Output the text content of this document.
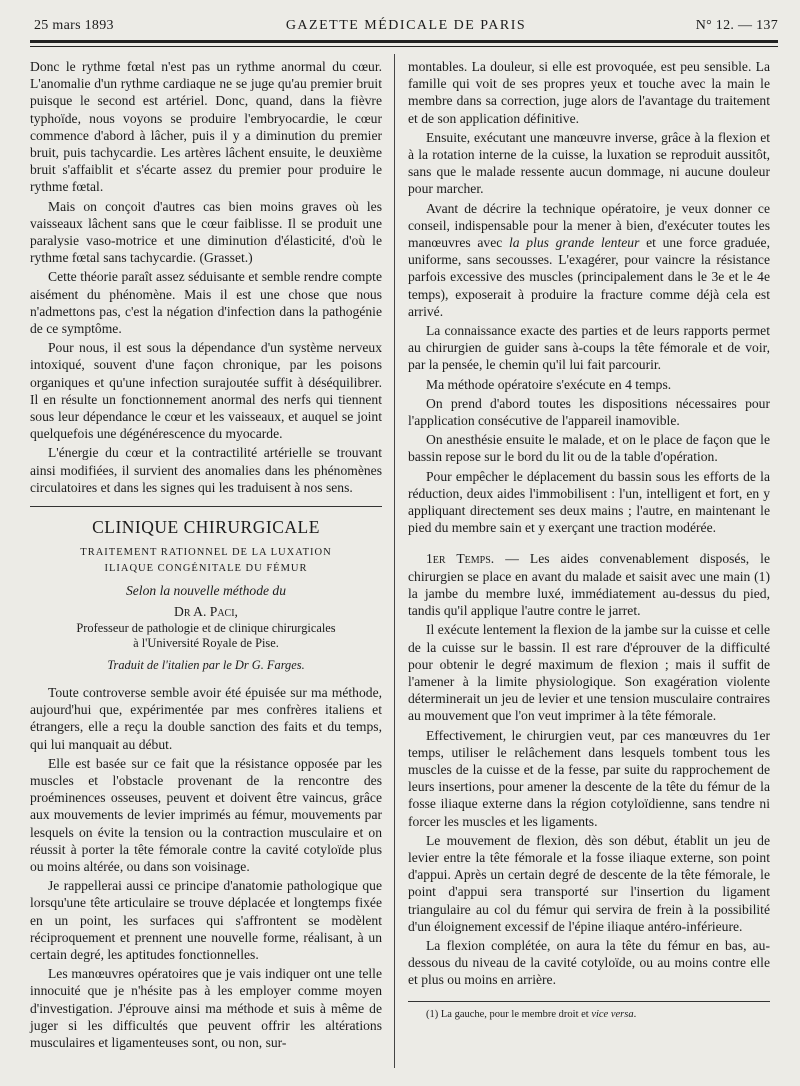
25 mars 1893	GAZETTE MÉDICALE DE PARIS	N° 12. — 137

Donc le rythme fœtal n'est pas un rythme anormal du cœur. L'anomalie d'un rythme cardiaque ne se juge qu'au premier bruit puisque le second est artériel. Donc, quand, dans la fièvre typhoïde, nous voyons se produire l'embryocardie, le cœur commence d'abord à lâcher, puis il y a diminution du premier bruit, puis tachycardie. Les artères lâchent ensuite, le deuxième bruit s'affaiblit et s'écarte assez du premier pour produire le rythme fœtal.

Mais on conçoit d'autres cas bien moins graves où les vaisseaux lâchent sans que le cœur faiblisse. Il se produit une paralysie vaso-motrice et une diminution d'élasticité, d'où le rythme fœtal sans tachycardie. (Grasset.)

Cette théorie paraît assez séduisante et semble rendre compte aisément du phénomène. Mais il est une chose que nous n'admettons pas, c'est la négation d'infection dans la pathogénie de ce symptôme.

Pour nous, il est sous la dépendance d'un système nerveux intoxiqué, souvent d'une façon chronique, par les poisons organiques et qu'une infection surajoutée suffit à déséquilibrer. Il en résulte un fonctionnement anormal des nerfs qui tiennent sous leur dépendance le cœur et les vaisseaux, et auquel se joint quelquefois une dégénérescence du myocarde.

L'énergie du cœur et la contractilité artérielle se trouvant ainsi modifiées, il survient des anomalies dans les phénomènes circulatoires et dans les signes qui les traduisent à nos sens.

CLINIQUE CHIRURGICALE
TRAITEMENT RATIONNEL DE LA LUXATION
ILIAQUE CONGÉNITALE DU FÉMUR
Selon la nouvelle méthode du
Dr A. Paci,
Professeur de pathologie et de clinique chirurgicales
à l'Université Royale de Pise.
Traduit de l'italien par le Dr G. Farges.

Toute controverse semble avoir été épuisée sur ma méthode, aujourd'hui que, expérimentée par mes confrères italiens et étrangers, elle a reçu la double sanction des faits et du temps, qui lui manquait au début.

Elle est basée sur ce fait que la résistance opposée par les muscles et l'obstacle provenant de la rencontre des proéminences osseuses, peuvent et doivent être vaincus, grâce aux mouvements de levier imprimés au fémur, mouvements par lesquels on évite la tension ou la contraction musculaire et on réussit à porter la tête fémorale contre la cavité cotyloïde plus ou moins altérée, ou dans son voisinage.

Je rappellerai aussi ce principe d'anatomie pathologique que lorsqu'une tête articulaire se trouve déplacée et longtemps fixée en un point, les surfaces qui s'affrontent se modèlent réciproquement et prennent une nouvelle forme, réalisant, à un certain degré, les aptitudes fonctionnelles.

Les manœuvres opératoires que je vais indiquer ont une telle innocuité que je n'hésite pas à les employer comme moyen d'investigation. J'éprouve ainsi ma méthode et suis à même de juger si les difficultés que peuvent offrir les altérations musculaires et ligamenteuses sont, ou non, sur-

montables. La douleur, si elle est provoquée, est peu sensible. La famille qui voit de ses propres yeux et touche avec la main le membre dans sa correction, juge alors de l'avantage du traitement et de son application définitive.

Ensuite, exécutant une manœuvre inverse, grâce à la flexion et à la rotation interne de la cuisse, la luxation se reproduit aussitôt, sans que le malade ressente aucun dommage, ni aucune douleur pour marcher.

Avant de décrire la technique opératoire, je veux donner ce conseil, indispensable pour la mener à bien, d'exécuter toutes les manœuvres avec la plus grande lenteur et une force graduée, uniforme, sans secousses. L'exagérer, pour vaincre la résistance parfois excessive des muscles (principalement dans le 3e et le 4e temps), exposerait à produire la fracture comme déjà cela est arrivé.

La connaissance exacte des parties et de leurs rapports permet au chirurgien de guider sans à-coups la tête fémorale et de voir, par la pensée, le chemin qu'il lui fait parcourir.

Ma méthode opératoire s'exécute en 4 temps.

On prend d'abord toutes les dispositions nécessaires pour l'application consécutive de l'appareil inamovible.

On anesthésie ensuite le malade, et on le place de façon que le bassin repose sur le bord du lit ou de la table d'opération.

Pour empêcher le déplacement du bassin sous les efforts de la réduction, deux aides l'immobilisent : l'un, intelligent et fort, en y appliquant directement ses deux mains ; l'autre, en maintenant le pied du membre sain et y exerçant une traction modérée.

1er Temps. — Les aides convenablement disposés, le chirurgien se place en avant du malade et saisit avec une main (1) la jambe du membre luxé, immédiatement au-dessus du pied, tandis qu'il applique l'autre contre le jarret.

Il exécute lentement la flexion de la jambe sur la cuisse et celle de la cuisse sur le bassin. Il est rare d'éprouver de la difficulté pour obtenir le degré maximum de flexion ; mais il suffit de l'amener à la limite physiologique. Son exagération violente déterminerait un jeu de levier et une tension musculaire contraires au mouvement que l'on veut imprimer à la tête fémorale.

Effectivement, le chirurgien veut, par ces manœuvres du 1er temps, utiliser le relâchement dans lesquels tombent tous les muscles de la cuisse et de la fesse, par suite du rapprochement de leurs insertions, pour amener la descente de la tête du fémur de la fosse iliaque externe dans la région cotyloïdienne, sans tendre ni forcer les muscles et les ligaments.

Le mouvement de flexion, dès son début, établit un jeu de levier entre la tête fémorale et la fosse iliaque externe, son point d'appui. Après un certain degré de descente de la tête fémorale, le point d'appui sera transporté sur l'insertion du ligament triangulaire au col du fémur qui servira de frein à la possibilité d'un éloignement excessif de l'épine iliaque antéro-inférieure.

La flexion complétée, on aura la tête du fémur en bas, au-dessous du niveau de la cavité cotyloïde, ou au moins contre elle et plus ou moins en arrière.

(1) La gauche, pour le membre droit et vice versa.
